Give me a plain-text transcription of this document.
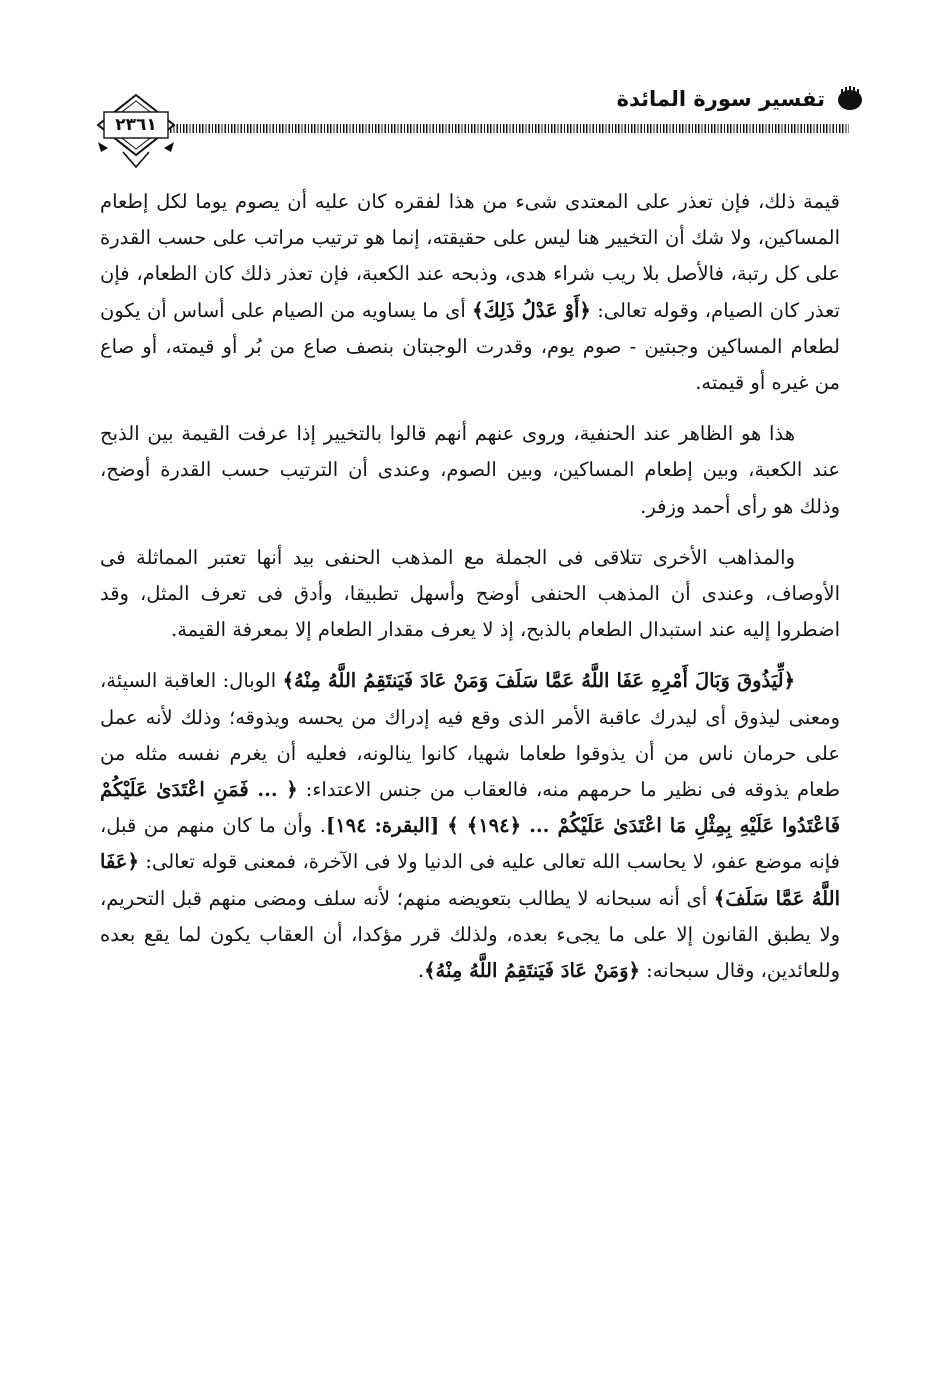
تفسير سورة المائدة
٢٣٦١

قيمة ذلك، فإن تعذر على المعتدى شىء من هذا لفقره كان عليه أن يصوم يوما لكل إطعام المساكين، ولا شك أن التخيير هنا ليس على حقيقته، إنما هو ترتيب مراتب على حسب القدرة على كل رتبة، فالأصل بلا ريب شراء هدى، وذبحه عند الكعبة، فإن تعذر ذلك كان الطعام، فإن تعذر كان الصيام، وقوله تعالى: ﴿أَوْ عَدْلُ ذَلِكَ﴾ أى ما يساويه من الصيام على أساس أن يكون لطعام المساكين وجبتين - صوم يوم، وقدرت الوجبتان بنصف صاع من بُر أو قيمته، أو صاع من غيره أو قيمته.

هذا هو الظاهر عند الحنفية، وروى عنهم أنهم قالوا بالتخيير إذا عرفت القيمة بين الذبح عند الكعبة، وبين إطعام المساكين، وبين الصوم، وعندى أن الترتيب حسب القدرة أوضح، وذلك هو رأى أحمد وزفر.

والمذاهب الأخرى تتلاقى فى الجملة مع المذهب الحنفى بيد أنها تعتبر المماثلة فى الأوصاف، وعندى أن المذهب الحنفى أوضح وأسهل تطبيقا، وأدق فى تعرف المثل، وقد اضطروا إليه عند استبدال الطعام بالذبح، إذ لا يعرف مقدار الطعام إلا بمعرفة القيمة.

﴿لِّيَذُوقَ وَبَالَ أَمْرِهِ عَفَا اللَّهُ عَمَّا سَلَفَ وَمَنْ عَادَ فَيَنتَقِمُ اللَّهُ مِنْهُ﴾ الوبال: العاقبة السيئة، ومعنى ليذوق أى ليدرك عاقبة الأمر الذى وقع فيه إدراك من يحسه ويذوقه؛ وذلك لأنه عمل على حرمان ناس من أن يذوقوا طعاما شهيا، كانوا ينالونه، فعليه أن يغرم نفسه مثله من طعام يذوقه فى نظير ما حرمهم منه، فالعقاب من جنس الاعتداء: ﴿ ... فَمَنِ اعْتَدَىٰ عَلَيْكُمْ فَاعْتَدُوا عَلَيْهِ بِمِثْلِ مَا اعْتَدَىٰ عَلَيْكُمْ ... ﴿١٩٤﴾ ﴾ [البقرة: ١٩٤]. وأن ما كان منهم من قبل، فإنه موضع عفو، لا يحاسب الله تعالى عليه فى الدنيا ولا فى الآخرة، فمعنى قوله تعالى: ﴿عَفَا اللَّهُ عَمَّا سَلَفَ﴾ أى أنه سبحانه لا يطالب بتعويضه منهم؛ لأنه سلف ومضى منهم قبل التحريم، ولا يطبق القانون إلا على ما يجىء بعده، ولذلك قرر مؤكدا، أن العقاب يكون لما يقع بعده وللعائدين، وقال سبحانه: ﴿وَمَنْ عَادَ فَيَنتَقِمُ اللَّهُ مِنْهُ﴾.
